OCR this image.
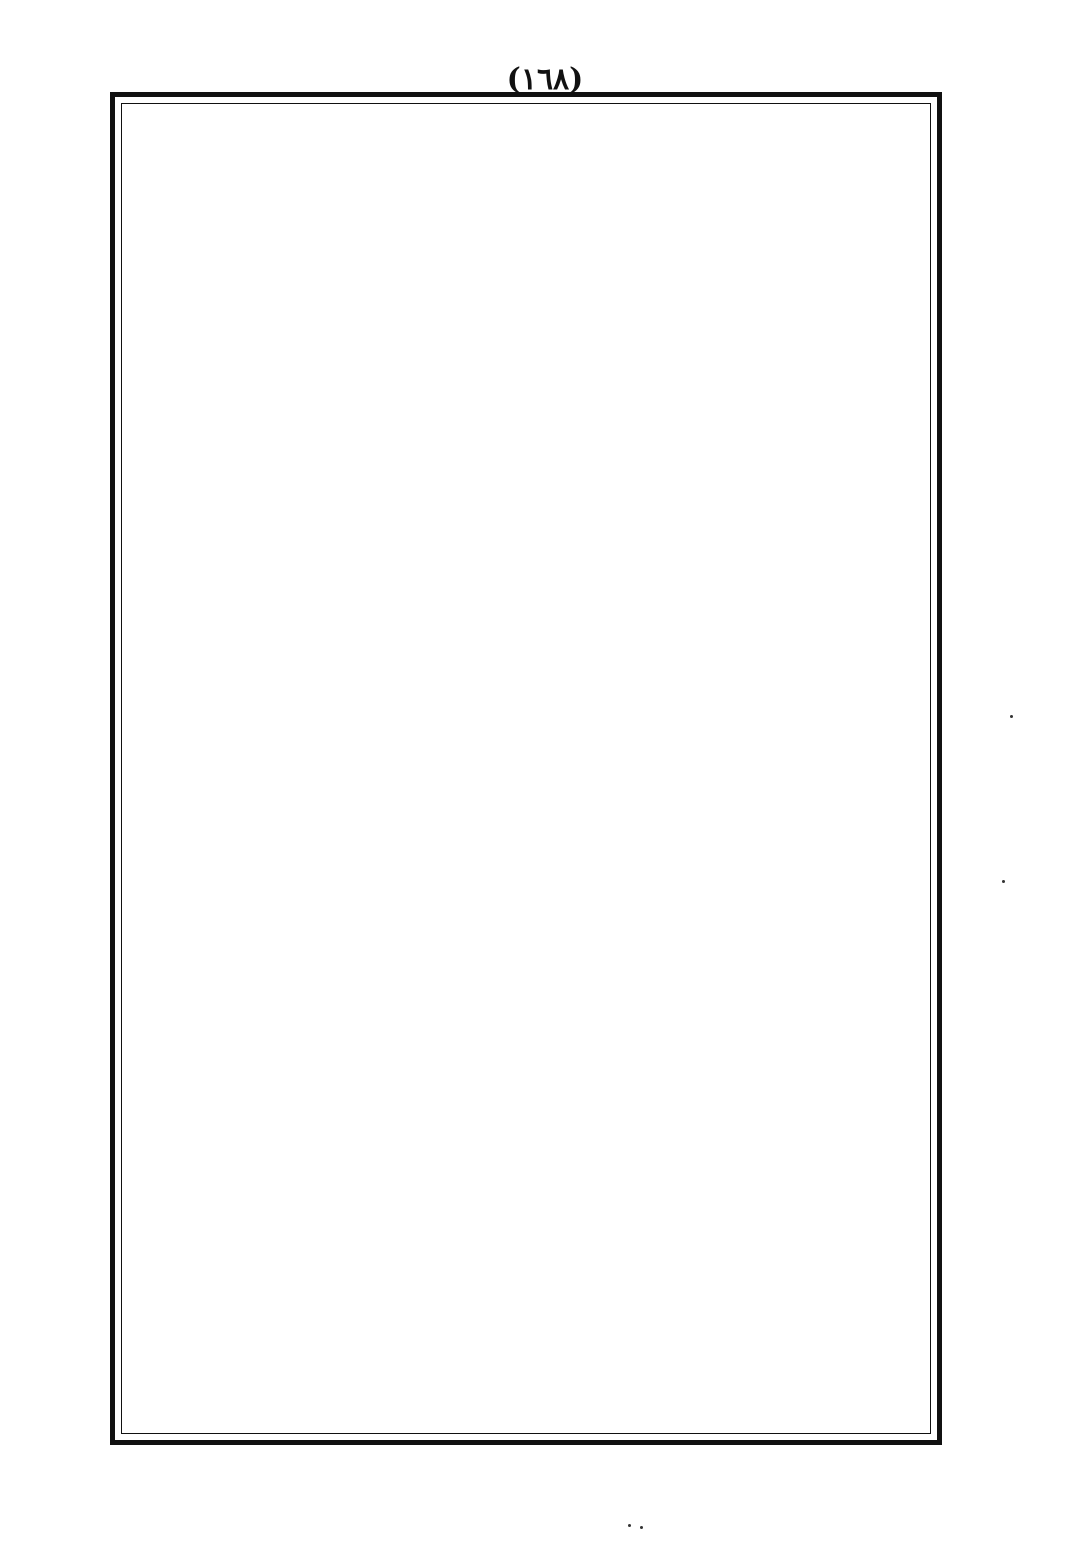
(١٦٨)
